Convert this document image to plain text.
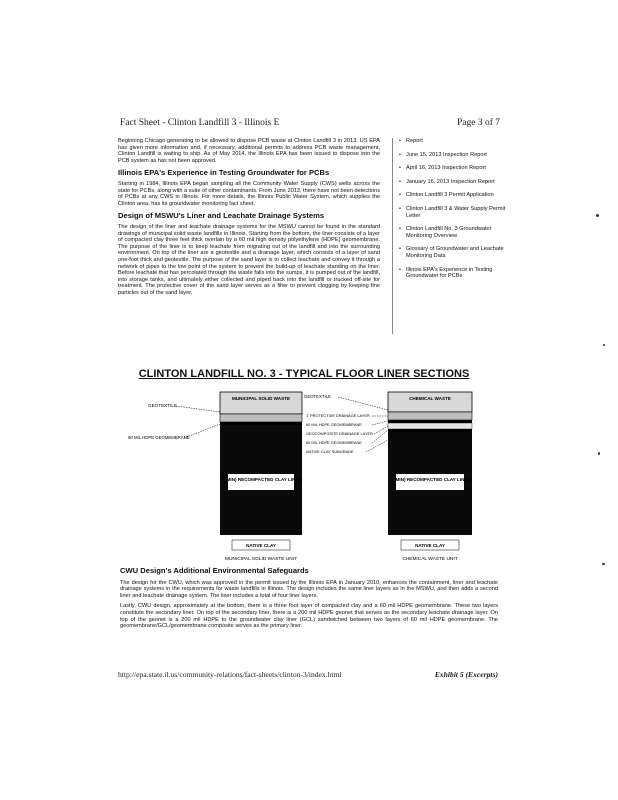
Fact Sheet - Clinton Landfill 3 - Illinois E	Page 3 of 7

Beginning Chicago generating to be allowed to dispose PCB waste at Clinton Landfill 3 in 2013. US EPA has given more information and, if necessary, additional permits to address PCB waste management, Clinton Landfill is waiting to ship. As of May 2014, the Illinois EPA has been issued to dispose into the PCB system as has not been approved.

Illinois EPA's Experience in Testing Groundwater for PCBs

Starting in 1984, Illinois EPA began sampling all the Community Water Supply (CWS) wells across the state for PCBs, along with a suite of other contaminants. From June 2013, there have not been detections of PCBs at any CWS in Illinois. For more details, the Illinois Public Water System, which supplies the Clinton area, has its groundwater monitoring fact sheet.

Design of MSWU's Liner and Leachate Drainage Systems

The design of the liner and leachate drainage systems for the MSWU cannot be found in the standard drawings of municipal solid waste landfills in Illinois. Starting from the bottom, the liner consists of a layer of compacted clay three feet thick overlain by a 60 mil high density polyethylene (HDPE) geomembrane. The purpose of the liner is to keep leachate from migrating out of the landfill and into the surrounding environment. On top of the liner are a geotextile and a drainage layer, which consists of a layer of sand one-foot thick and geotextile. The purpose of the sand layer is to collect leachate and convey it through a network of pipes to the low point of the system to prevent the build-up of leachate standing on the liner. Before leachate that has percolated through the waste falls into the sumps, it is pumped out of the landfill, into storage tanks, and ultimately either collected and piped back into the landfill or trucked off-site for treatment. The protective cover of the sand layer serves as a filter to prevent clogging by keeping fine particles out of the sand layer.

• Report
• June 15, 2013 Inspection Report
• April 16, 2013 Inspection Report
• January 16, 2013 Inspection Report
• Clinton Landfill 3 Permit Application
• Clinton Landfill 3 & Water Supply Permit Letter
• Clinton Landfill No. 3 Groundwater Monitoring Overview
• Glossary of Groundwater and Leachate Monitoring Data
• Illinois EPA's Experience in Testing Groundwater for PCBs
CLINTON LANDFILL NO. 3 - TYPICAL FLOOR LINER SECTIONS
MUNICIPAL SOLID WASTE
3' (MIN) RECOMPACTED CLAY LINER
NATIVE CLAY
GEOTEXTILE
60 MIL HDPE GEOMEMBRANE
MUNICIPAL SOLID WASTE UNIT
CHEMICAL WASTE
3' (MIN) RECOMPACTED CLAY LINER
NATIVE CLAY
GEOTEXTILE
1' PROTECTIVE DRAINAGE LAYER
60 MIL HDPE GEOMEMBRANE
GEOCOMPOSITE DRAINAGE LAYER
60 MIL HDPE GEOMEMBRANE
NATIVE CLAY SUBGRADE
CHEMICAL WASTE UNIT
CWU Design's Additional Environmental Safeguards

The design for the CWU, which was approved in the permit issued by the Illinois EPA in January 2010, enhances the containment, liner and leachate drainage systems in the requirements for waste landfills in Illinois. The design includes the same liner layers as in the MSWU, and then adds a second liner and leachate drainage system. The liner includes a total of four liner layers.

Lastly, CWU design, approximately at the bottom, there is a three foot layer of compacted clay and a 60 mil HDPE geomembrane. These two layers constitute the secondary liner. On top of the secondary liner, there is a 200 mil HDPE geonet that serves as the secondary leachate drainage layer. On top of the geonet is a 200 mil HDPE to the groundwater clay liner (GCL) sandwiched between two layers of 60 mil HDPE geomembrane. The geomembrane/GCL/geomembrane composite serves as the primary liner.

http://epa.state.il.us/community-relations/fact-sheets/clinton-3/index.html	Exhibit 5 (Excerpts)
